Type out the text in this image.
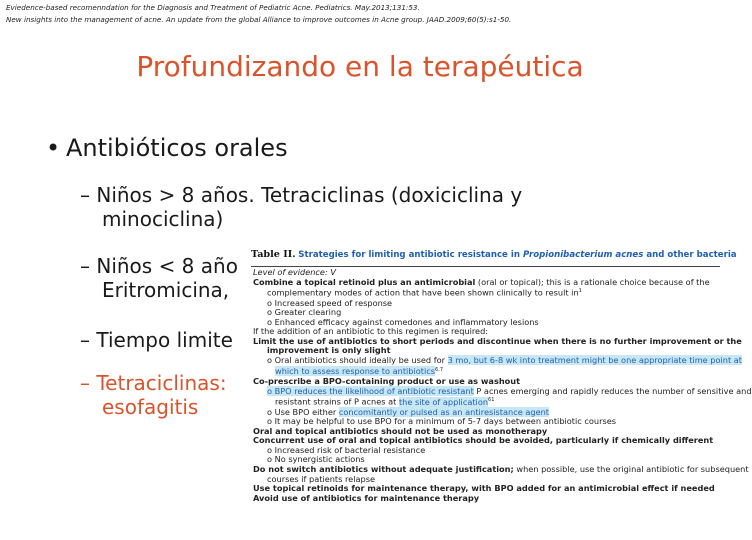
Eviedence-based recomenndation for the Diagnosis and Treatment of Pediatric Acne. Pediatrics. May.2013;131:53.
New insights into the management of acne. An update from the global Alliance to improve outcomes in Acne group. JAAD.2009;60(5):s1-50.
Profundizando en la terapéutica
• Antibióticos orales
– Niños > 8 años. Tetraciclinas (doxiciclina y
minociclina)
– Niños < 8 año
Eritromicina,
– Tiempo limite
– Tetraciclinas:
esofagitis
Table II. Strategies for limiting antibiotic resistance in Propionibacterium acnes and other bacteria
Level of evidence: V
Combine a topical retinoid plus an antimicrobial (oral or topical); this is a rationale choice because of the
complementary modes of action that have been shown clinically to result $in^1$
o Increased speed of response
o Greater clearing
o Enhanced efficacy against comedones and inflammatory lesions
If the addition of an antibiotic to this regimen is required:
Limit the use of antibiotics to short periods and discontinue when there is no further improvement or the
improvement is only slight
o Oral antibiotics should ideally be used for 3 mo, but 6-8 wk into treatment might be one appropriate time point at
which to assess response to antibiotics$^{6,7}$
Co-prescribe a BPO-containing product or use as washout
o BPO reduces the likelihood of antibiotic resistant P acnes emerging and rapidly reduces the number of sensitive and
resistant strains of P acnes at the site of application$^{61}$
o Use BPO either concomitantly or pulsed as an antiresistance agent
o It may be helpful to use BPO for a minimum of 5-7 days between antibiotic courses
Oral and topical antibiotics should not be used as monotherapy
Concurrent use of oral and topical antibiotics should be avoided, particularly if chemically different
o Increased risk of bacterial resistance
o No synergistic actions
Do not switch antibiotics without adequate justification; when possible, use the original antibiotic for subsequent
courses if patients relapse
Use topical retinoids for maintenance therapy, with BPO added for an antimicrobial effect if needed
Avoid use of antibiotics for maintenance therapy
